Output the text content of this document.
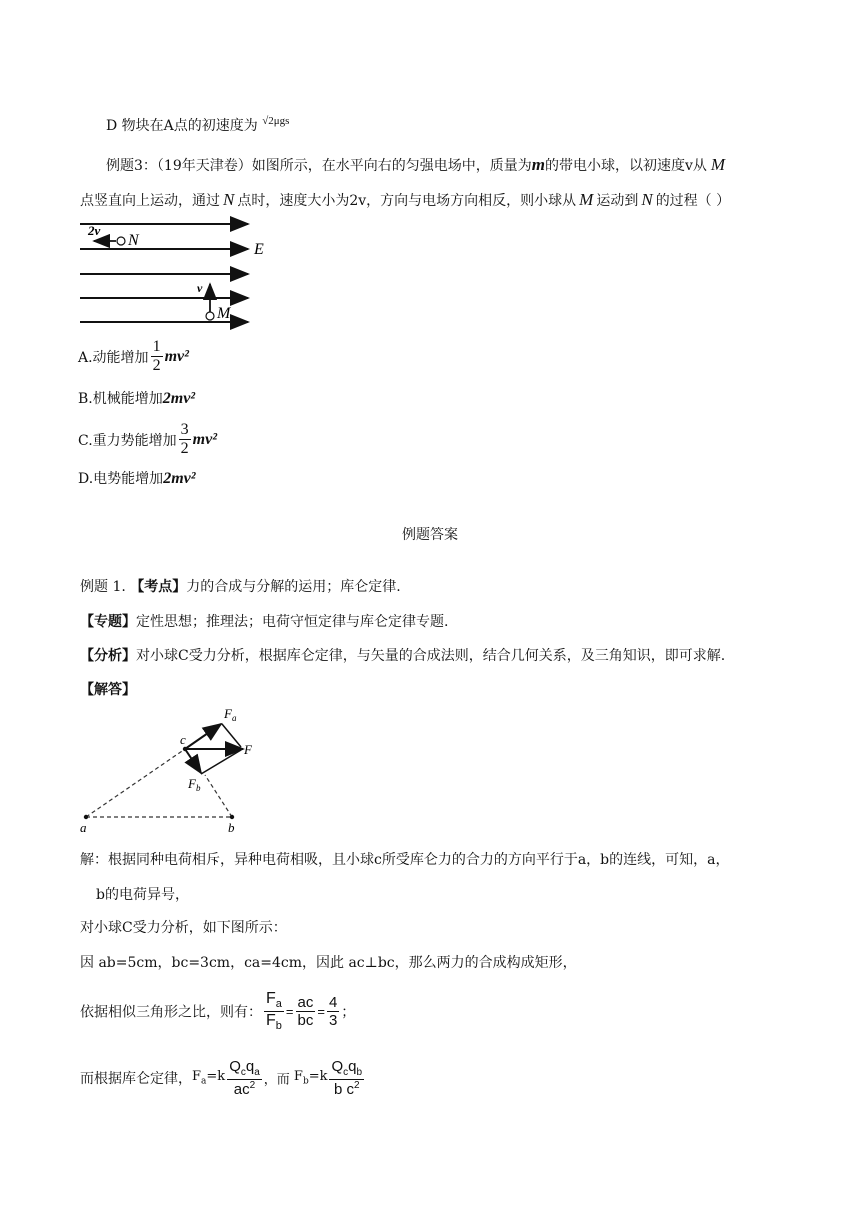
D 物块在A点的初速度为 $^{√2\mu gs}$
例题3：（19年天津卷）如图所示，在水平向右的匀强电场中，质量为m的带电小球，以初速度v从 M
点竖直向上运动，通过 N 点时，速度大小为2v，方向与电场方向相反，则小球从 M 运动到 N 的过程（ ）
2v
N
E
v
M
A.动能增加 $\frac{1}{2} mv^2$
B.机械能增加2mv²
C.重力势能增加 $\frac{3}{2} mv^2$
D.电势能增加2mv²
例题答案
例题 1. 【考点】力的合成与分解的运用；库仑定律.
【专题】定性思想；推理法；电荷守恒定律与库仑定律专题.
【分析】对小球C受力分析，根据库仑定律，与矢量的合成法则，结合几何关系，及三角知识，即可求解.
【解答】
$F_a$
F
$F_b$
c
a	b
解：根据同种电荷相斥，异种电荷相吸，且小球c所受库仑力的合力的方向平行于a，b的连线，可知，a，
b的电荷异号，
对小球C受力分析，如下图所示：
因 ab=5cm，bc=3cm，ca=4cm，因此 ac⊥bc，那么两力的合成构成矩形，
依据相似三角形之比，则有： $\frac{F_a}{F_b} = \frac{ac}{bc} = \frac{4}{3}$ ；
而根据库仑定律，$F_a=k \frac{Q_cq_a}{ac^2}$ ，而 $F_b=k \frac{Q_cq_b}{b c^2}$
